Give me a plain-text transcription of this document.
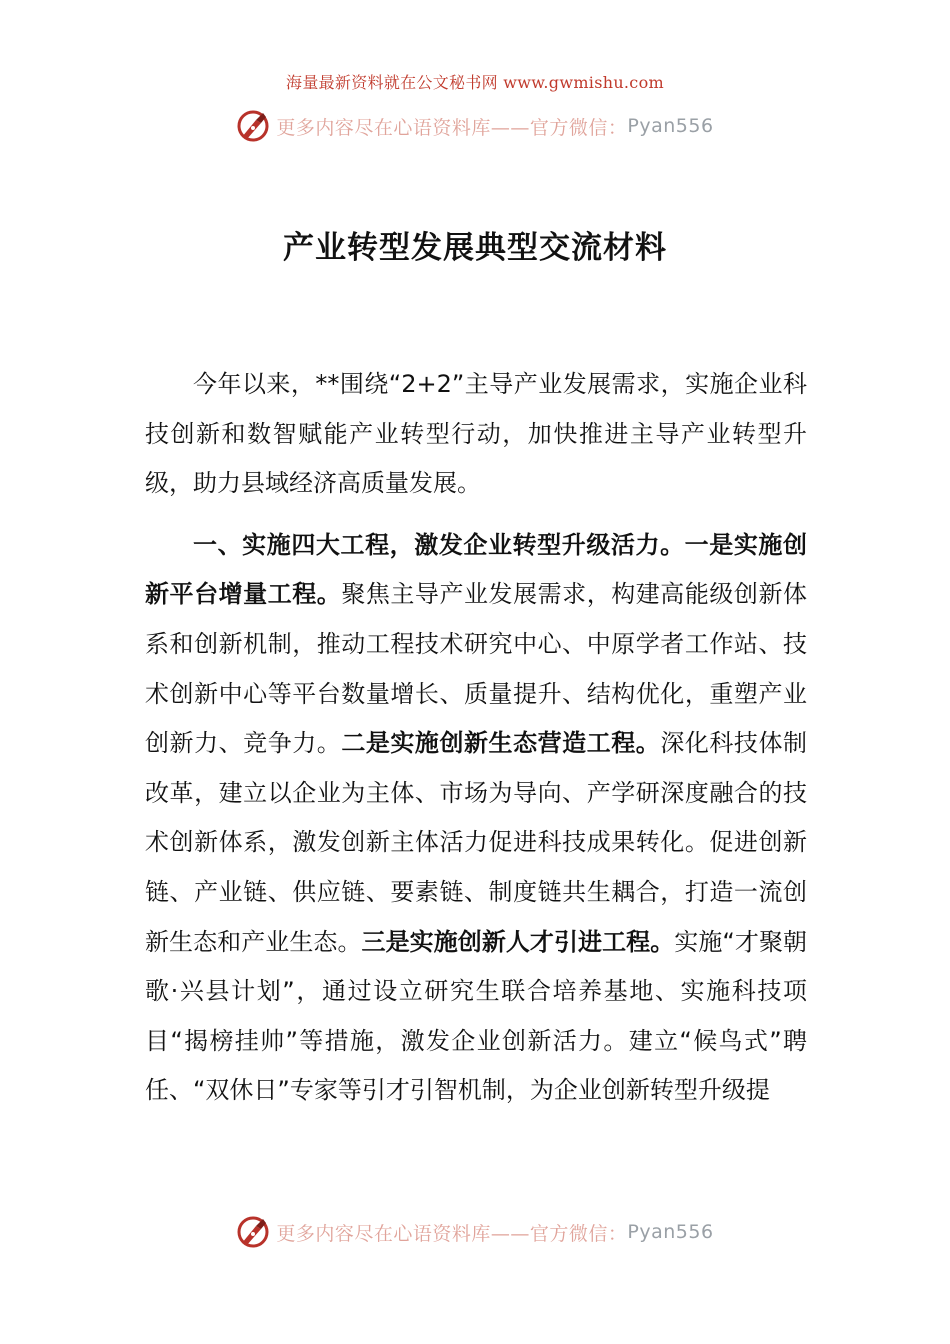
海量最新资料就在公文秘书网 www.gwmishu.com
更多内容尽在心语资料库——官方微信： Pyan556
产业转型发展典型交流材料

今年以来，**围绕“2+2”主导产业发展需求，实施企业科技创新和数智赋能产业转型行动，加快推进主导产业转型升级，助力县域经济高质量发展。

一、实施四大工程，激发企业转型升级活力。一是实施创新平台增量工程。聚焦主导产业发展需求，构建高能级创新体系和创新机制，推动工程技术研究中心、中原学者工作站、技术创新中心等平台数量增长、质量提升、结构优化，重塑产业创新力、竞争力。二是实施创新生态营造工程。深化科技体制改革，建立以企业为主体、市场为导向、产学研深度融合的技术创新体系，激发创新主体活力促进科技成果转化。促进创新链、产业链、供应链、要素链、制度链共生耦合，打造一流创新生态和产业生态。三是实施创新人才引进工程。实施“才聚朝歌·兴县计划”，通过设立研究生联合培养基地、实施科技项目“揭榜挂帅”等措施，激发企业创新活力。建立“候鸟式”聘任、“双休日”专家等引才引智机制，为企业创新转型升级提

更多内容尽在心语资料库——官方微信： Pyan556
